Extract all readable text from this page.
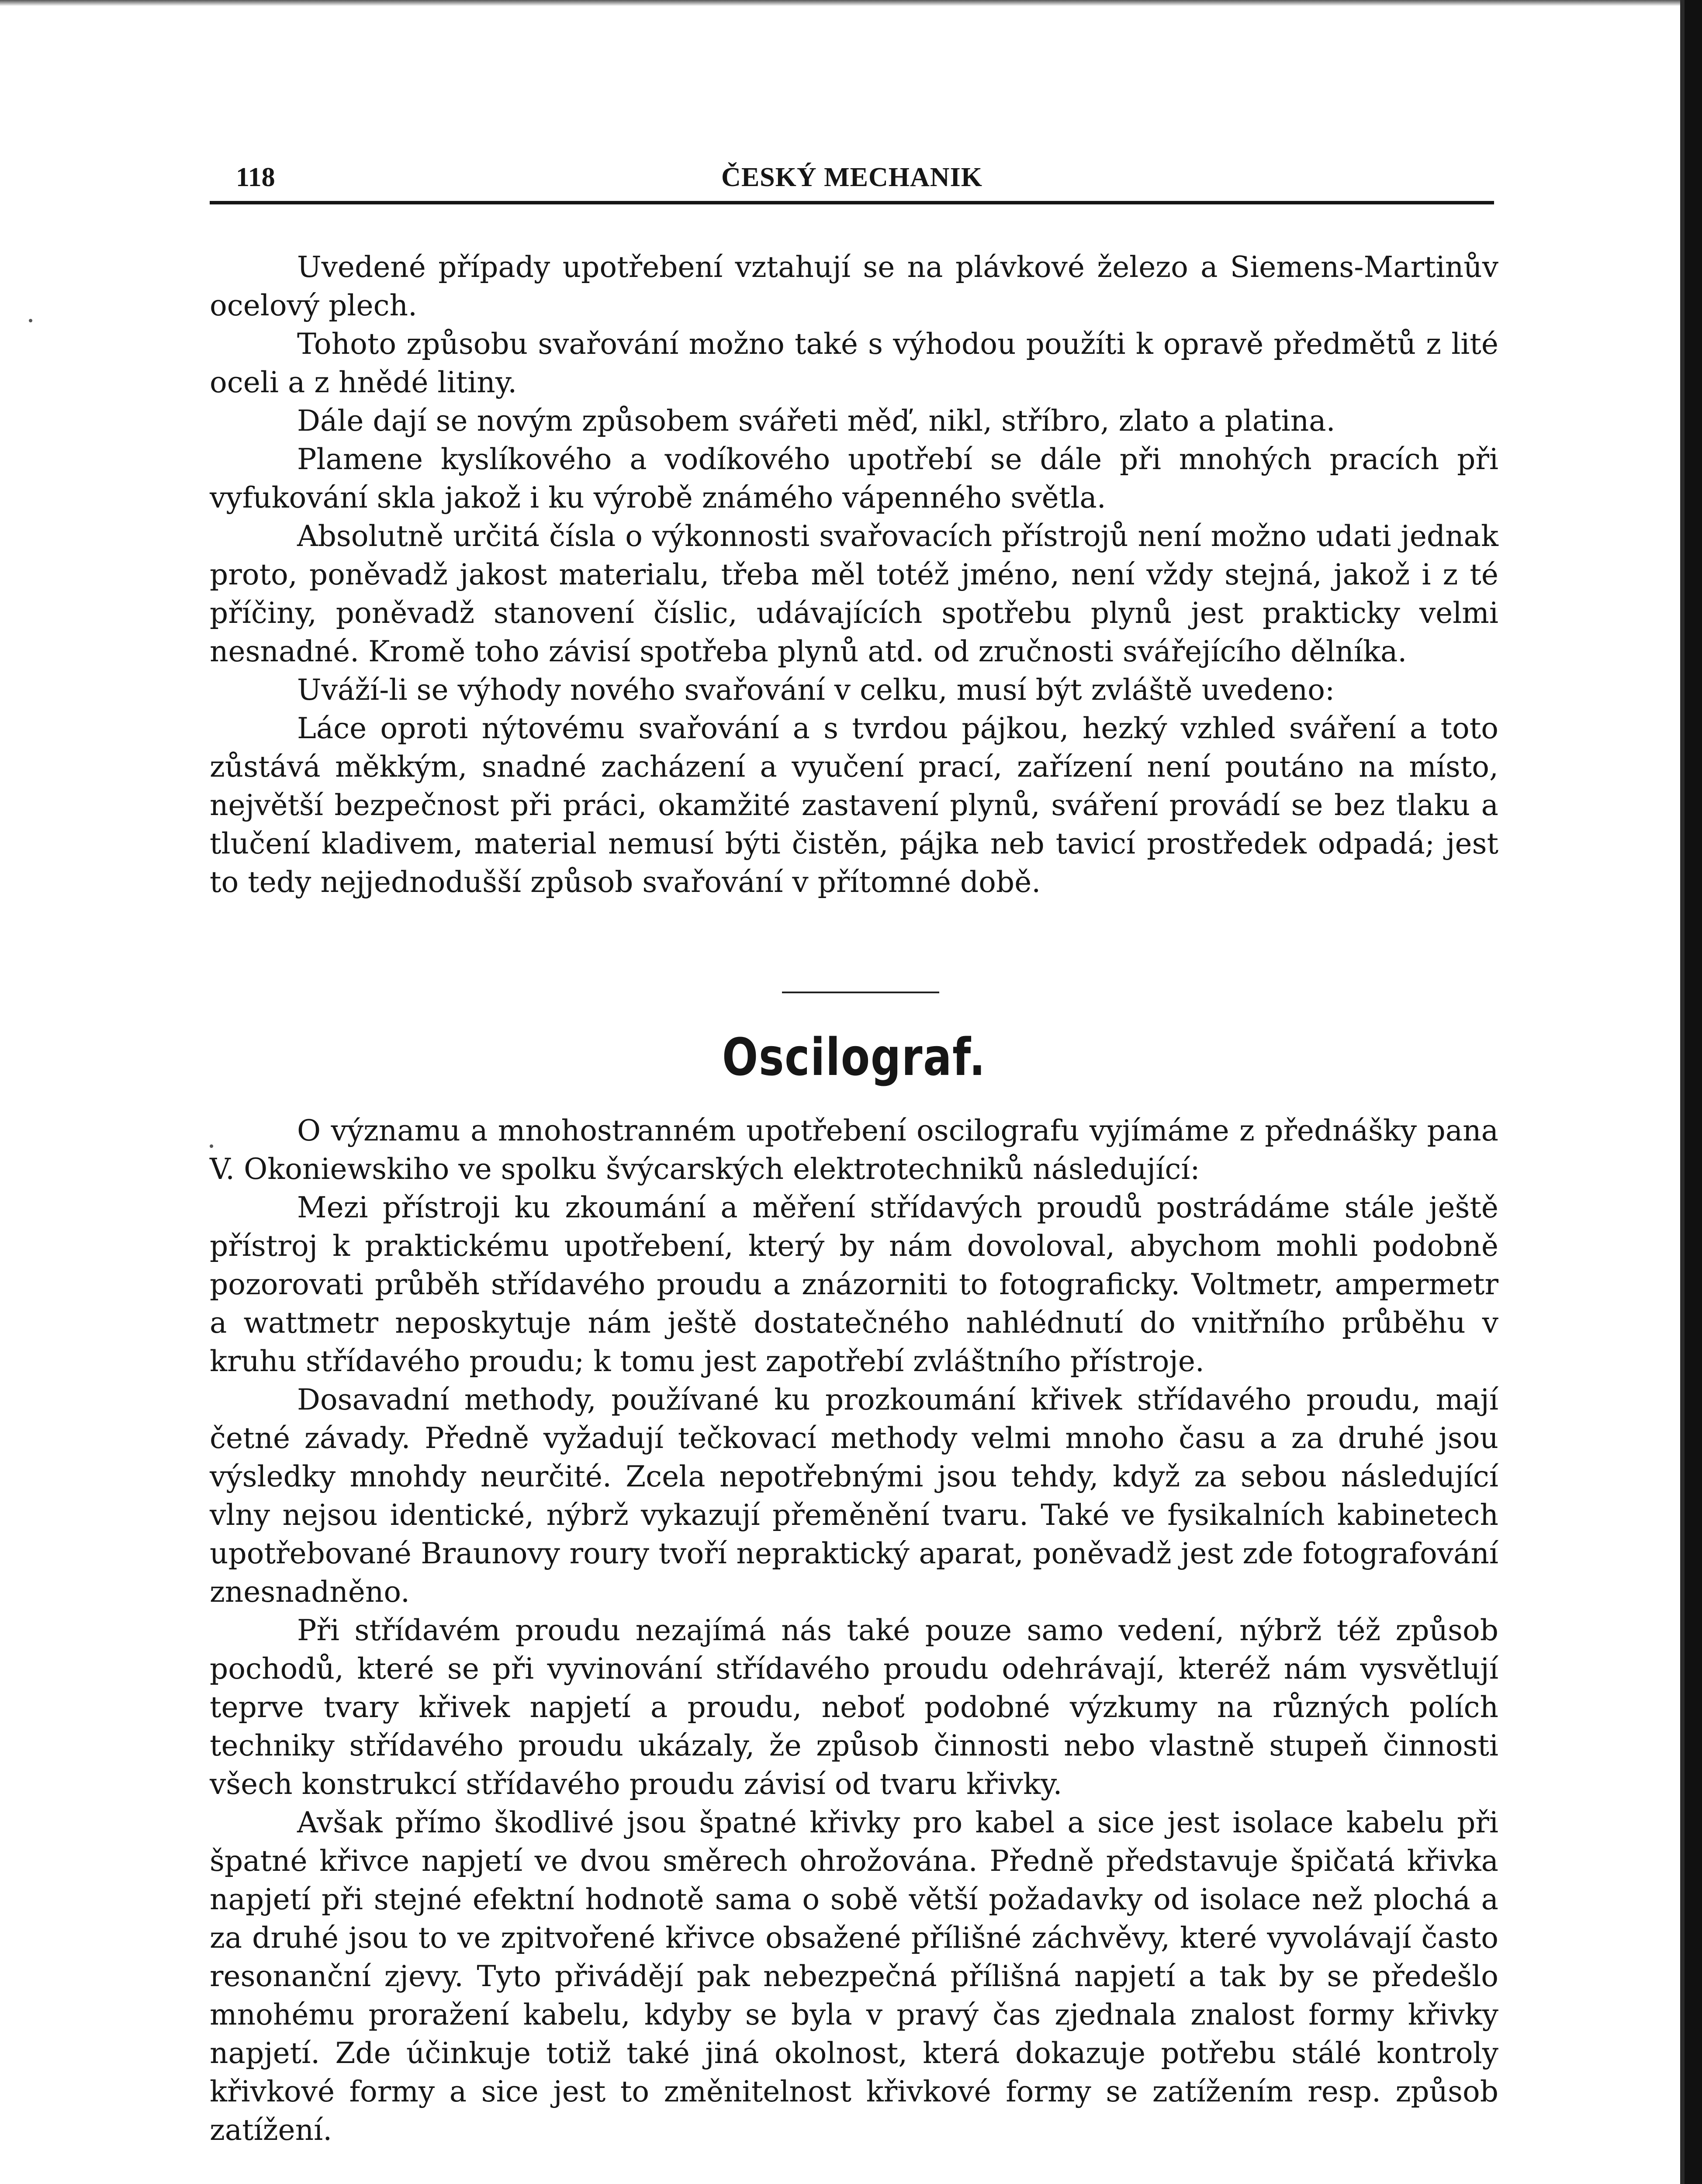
118	ČESKÝ MECHANIK

Uvedené případy upotřebení vztahují se na plávkové železo a Siemens-Martinův ocelový plech.

Tohoto způsobu svařování možno také s výhodou použíti k opravě předmětů z lité oceli a z hnědé litiny.

Dále dají se novým způsobem svářeti měď, nikl, stříbro, zlato a platina.

Plamene kyslíkového a vodíkového upotřebí se dále při mnohých pracích při vyfukování skla jakož i ku výrobě známého vápenného světla.

Absolutně určitá čísla o výkonnosti svařovacích přístrojů není možno udati jednak proto, poněvadž jakost materialu, třeba měl totéž jméno, není vždy stejná, jakož i z té příčiny, poněvadž stanovení číslic, udávajících spotřebu plynů jest prakticky velmi nesnadné. Kromě toho závisí spotřeba plynů atd. od zručnosti svářejícího dělníka.

Uváží-li se výhody nového svařování v celku, musí být zvláště uvedeno:

Láce oproti nýtovému svařování a s tvrdou pájkou, hezký vzhled sváření a toto zůstává měkkým, snadné zacházení a vyučení prací, zařízení není poutáno na místo, největší bezpečnost při práci, okamžité zastavení plynů, sváření provádí se bez tlaku a tlučení kladivem, material nemusí býti čistěn, pájka neb tavicí prostředek odpadá; jest to tedy nejjednodušší způsob svařování v přítomné době.

Oscilograf.

O významu a mnohostranném upotřebení oscilografu vyjímáme z přednášky pana V. Okoniewskiho ve spolku švýcarských elektrotechniků následující:

Mezi přístroji ku zkoumání a měření střídavých proudů postrádáme stále ještě přístroj k praktickému upotřebení, který by nám dovoloval, abychom mohli podobně pozorovati průběh střídavého proudu a znázorniti to fotograficky. Voltmetr, ampermetr a wattmetr neposkytuje nám ještě dostatečného nahlédnutí do vnitřního průběhu v kruhu střídavého proudu; k tomu jest zapotřebí zvláštního přístroje.

Dosavadní methody, používané ku prozkoumání křivek střídavého proudu, mají četné závady. Předně vyžadují tečkovací methody velmi mnoho času a za druhé jsou výsledky mnohdy neurčité. Zcela nepotřebnými jsou tehdy, když za sebou následující vlny nejsou identické, nýbrž vykazují přeměnění tvaru. Také ve fysikalních kabinetech upotřebované Braunovy roury tvoří nepraktický aparat, poněvadž jest zde fotografování znesnadněno.

Při střídavém proudu nezajímá nás také pouze samo vedení, nýbrž též způsob pochodů, které se při vyvinování střídavého proudu odehrávají, kteréž nám vysvětlují teprve tvary křivek napjetí a proudu, neboť podobné výzkumy na různých polích techniky střídavého proudu ukázaly, že způsob činnosti nebo vlastně stupeň činnosti všech konstrukcí střídavého proudu závisí od tvaru křivky.

Avšak přímo škodlivé jsou špatné křivky pro kabel a sice jest isolace kabelu při špatné křivce napjetí ve dvou směrech ohrožována. Předně představuje špičatá křivka napjetí při stejné efektní hodnotě sama o sobě větší požadavky od isolace než plochá a za druhé jsou to ve zpitvořené křivce obsažené přílišné záchvěvy, které vyvolávají často resonanční zjevy. Tyto přivádějí pak nebezpečná přílišná napjetí a tak by se předešlo mnohému proražení kabelu, kdyby se byla v pravý čas zjednala znalost formy křivky napjetí. Zde účinkuje totiž také jiná okolnost, která dokazuje potřebu stálé kontroly křivkové formy a sice jest to změnitelnost křivkové formy se zatížením resp. způsob zatížení.
